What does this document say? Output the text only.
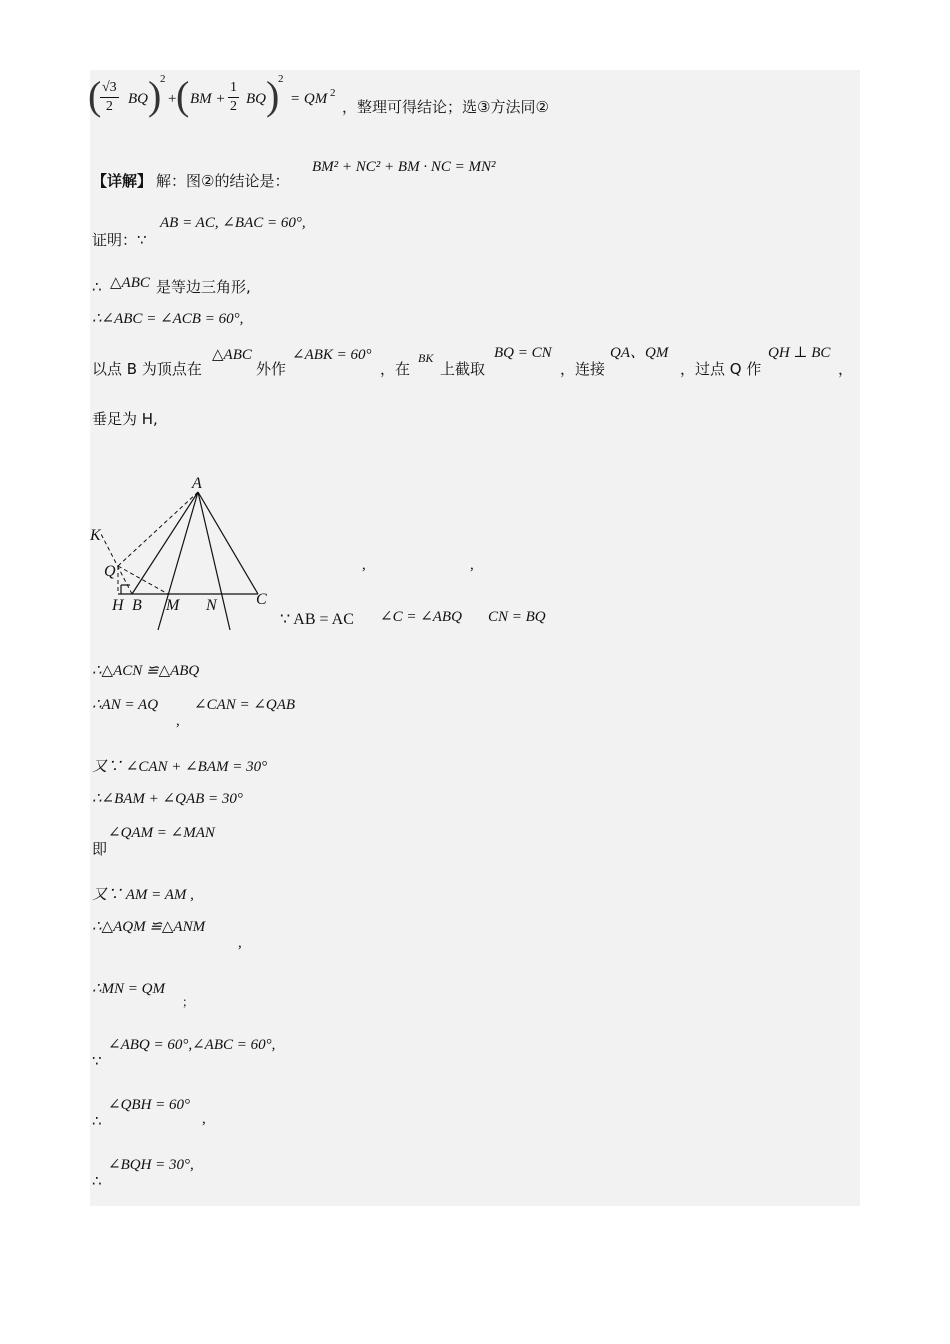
(
$\frac{√3}{2}$ BQ )
2
+ ( BM + $\frac{1}{2}$ BQ )
2
= QM 2
，整理可得结论；选③方法同②
【详解】 解：图②的结论是：
BM² + NC² + BM · NC = MN²
AB = AC, ∠BAC = 60°,
证明：∵
∴ △ABC 是等边三角形,
∴∠ABC = ∠ACB = 60°,
以点 B 为顶点在
△ABC
外作
∠ABK = 60°
，在
BK
上截取
BQ = CN
，连接
QA、QM
，过点 Q 作
QH ⊥ BC
，
垂足为 H,
A
K
Q
H B M N C
,	,
∵ AB = AC ∠C = ∠ABQ CN = BQ
∴△ACN ≌△ABQ
∴AN = AQ
,
∠CAN = ∠QAB
又∵ ∠CAN + ∠BAM = 30°
∴∠BAM + ∠QAB = 30°
∠QAM = ∠MAN
即
又∵ AM = AM ,
∴△AQM ≌△ANM
,
∴MN = QM
；
∠ABQ = 60°,∠ABC = 60°,
∵
∠QBH = 60°
∴	,
∠BQH = 30°,
∴
